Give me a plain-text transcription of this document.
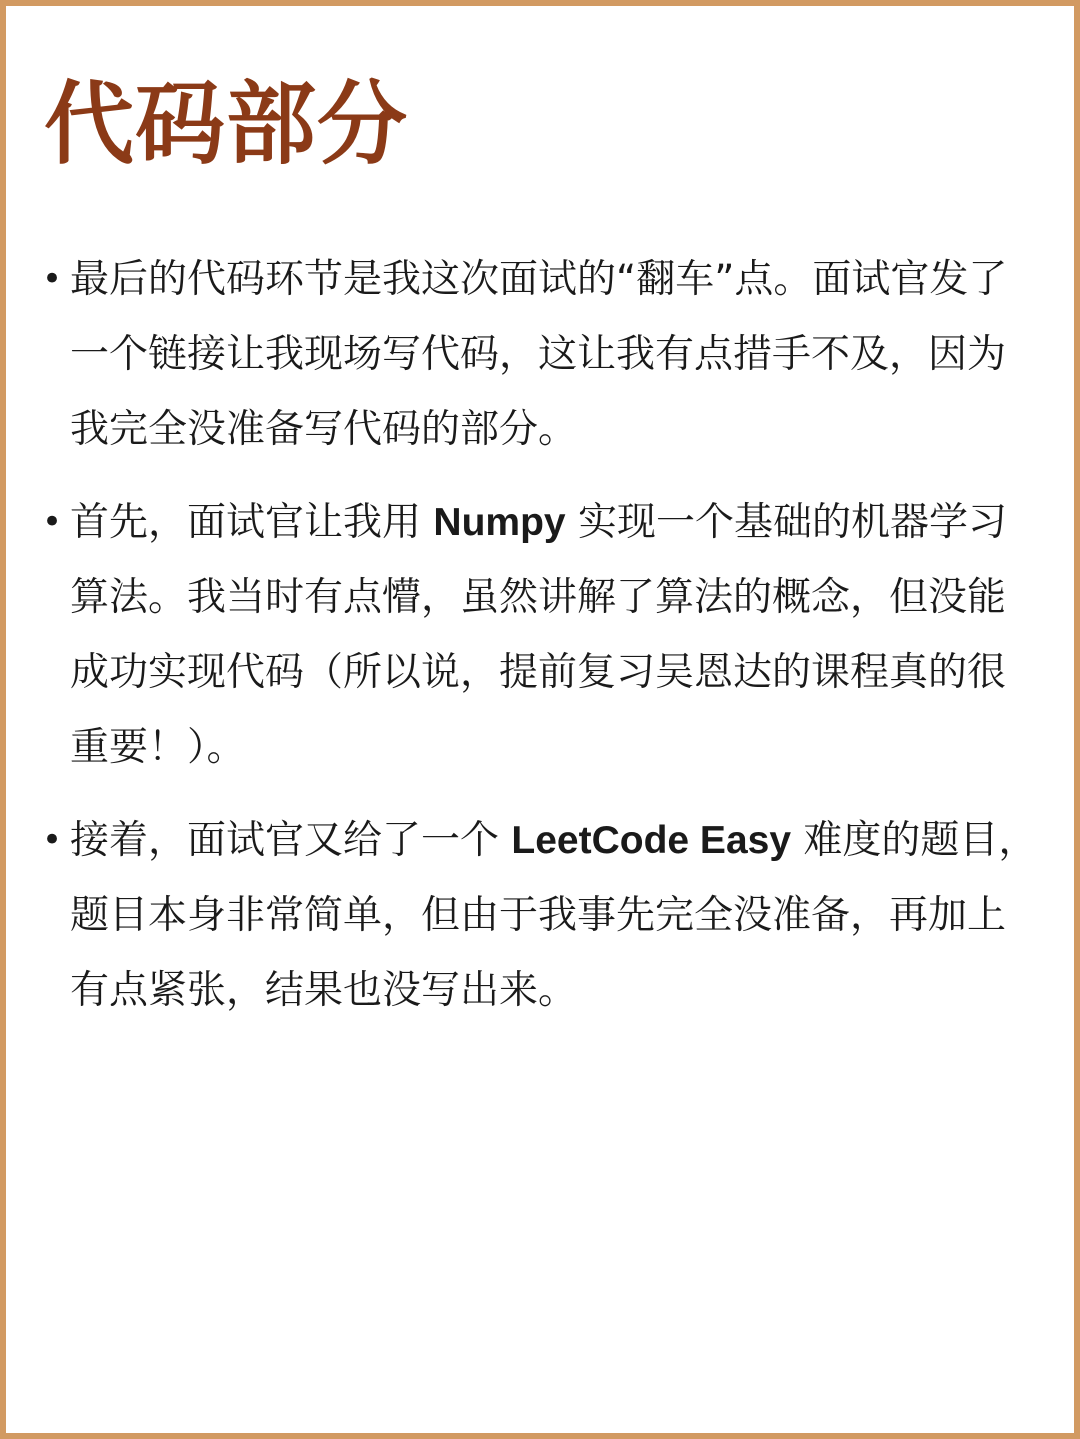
代码部分
• 最后的代码环节是我这次面试的“翻车”点。面试官发了一个链接让我现场写代码，这让我有点措手不及，因为我完全没准备写代码的部分。
• 首先，面试官让我用 Numpy 实现一个基础的机器学习算法。我当时有点懵，虽然讲解了算法的概念，但没能成功实现代码（所以说，提前复习吴恩达的课程真的很重要！）。
• 接着，面试官又给了一个 LeetCode Easy 难度的题目，题目本身非常简单，但由于我事先完全没准备，再加上有点紧张，结果也没写出来。
